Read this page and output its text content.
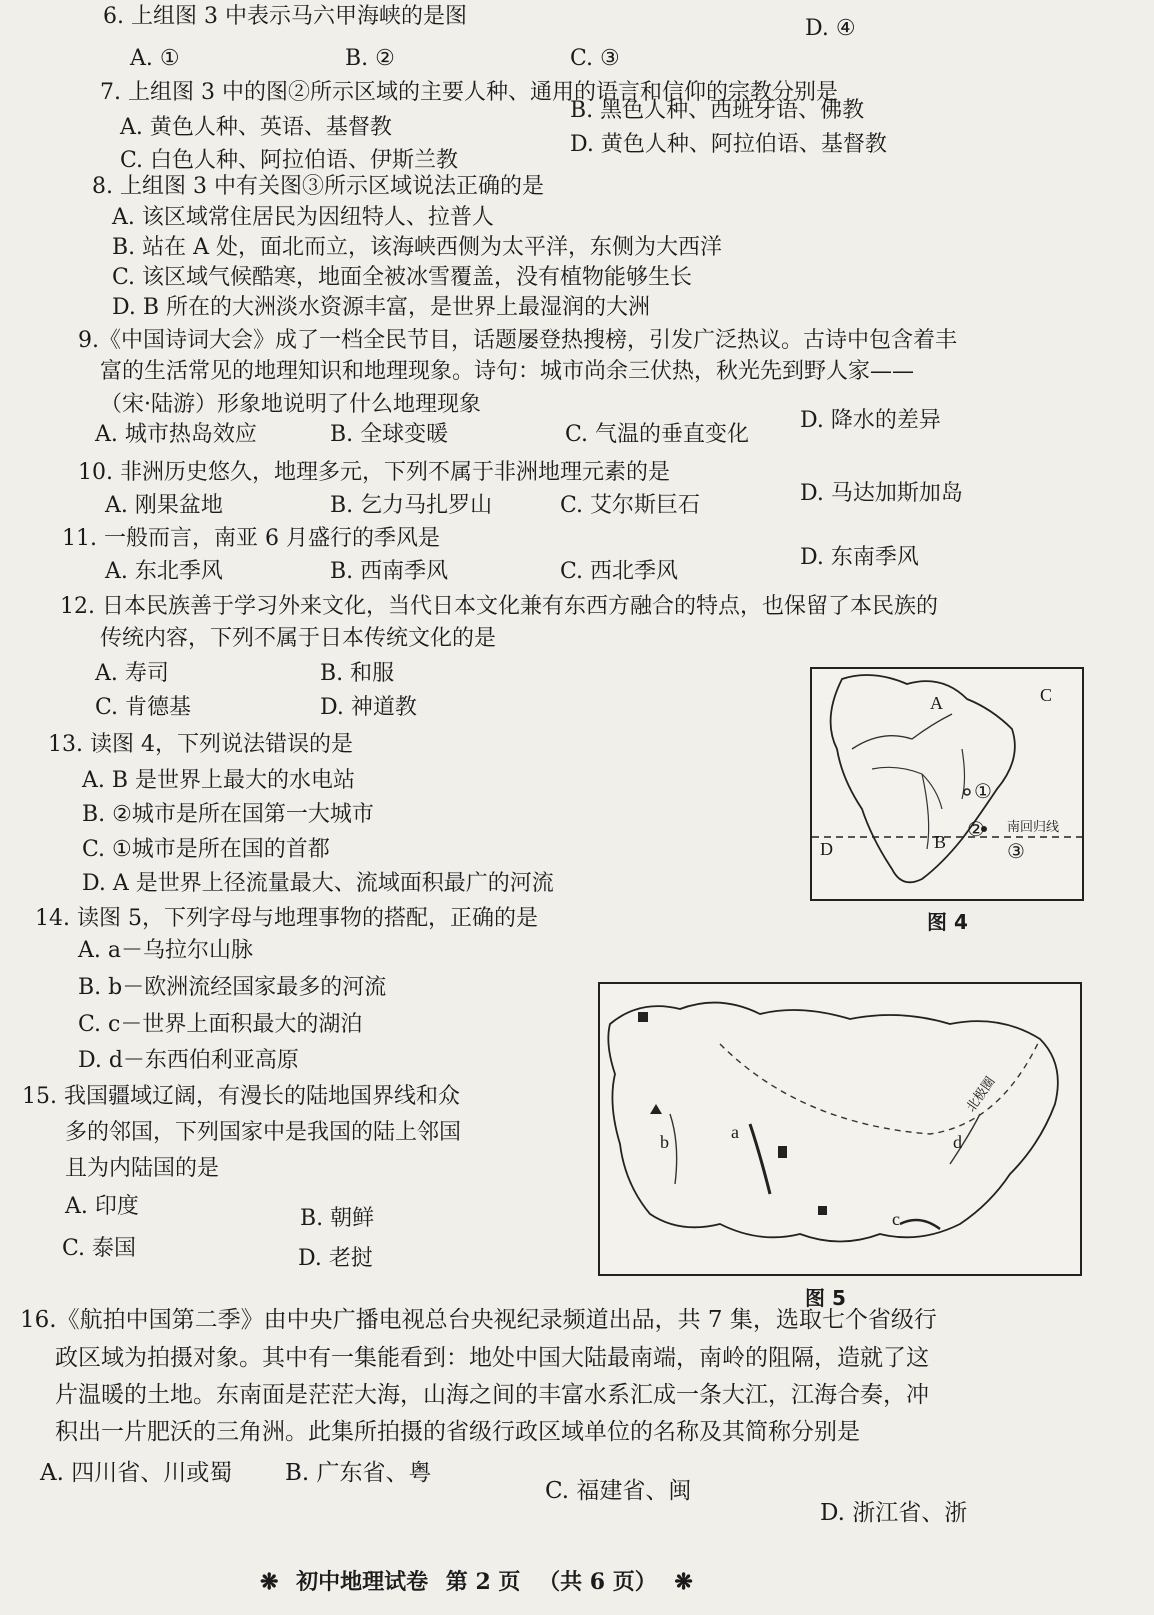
6. 上组图 3 中表示马六甲海峡的是图
A. ①	B. ②	C. ③
D. ④
7. 上组图 3 中的图②所示区域的主要人种、通用的语言和信仰的宗教分别是
A. 黄色人种、英语、基督教
B. 黑色人种、西班牙语、佛教
C. 白色人种、阿拉伯语、伊斯兰教
D. 黄色人种、阿拉伯语、基督教
8. 上组图 3 中有关图③所示区域说法正确的是
A. 该区域常住居民为因纽特人、拉普人
B. 站在 A 处，面北而立，该海峡西侧为太平洋，东侧为大西洋
C. 该区域气候酷寒，地面全被冰雪覆盖，没有植物能够生长
D. B 所在的大洲淡水资源丰富，是世界上最湿润的大洲
9.《中国诗词大会》成了一档全民节目，话题屡登热搜榜，引发广泛热议。古诗中包含着丰
富的生活常见的地理知识和地理现象。诗句：城市尚余三伏热，秋光先到野人家——
（宋·陆游）形象地说明了什么地理现象
A. 城市热岛效应	B. 全球变暖	C. 气温的垂直变化
D. 降水的差异
10. 非洲历史悠久，地理多元，下列不属于非洲地理元素的是
A. 刚果盆地	B. 乞力马扎罗山	C. 艾尔斯巨石	D. 马达加斯加岛
11. 一般而言，南亚 6 月盛行的季风是
A. 东北季风	B. 西南季风	C. 西北季风
D. 东南季风
12. 日本民族善于学习外来文化，当代日本文化兼有东西方融合的特点，也保留了本民族的
传统内容，下列不属于日本传统文化的是
A. 寿司	B. 和服
C. 肯德基	D. 神道教
13. 读图 4，下列说法错误的是
A. B 是世界上最大的水电站
B. ②城市是所在国第一大城市
C. ①城市是所在国的首都
D. A 是世界上径流量最大、流域面积最广的河流
14. 读图 5，下列字母与地理事物的搭配，正确的是
A. a－乌拉尔山脉
B. b－欧洲流经国家最多的河流
C. c－世界上面积最大的湖泊
D. d－东西伯利亚高原
15. 我国疆域辽阔，有漫长的陆地国界线和众
多的邻国，下列国家中是我国的陆上邻国
且为内陆国的是
A. 印度	B. 朝鲜
C. 泰国	D. 老挝
16.《航拍中国第二季》由中央广播电视总台央视纪录频道出品，共 7 集，选取七个省级行
政区域为拍摄对象。其中有一集能看到：地处中国大陆最南端，南岭的阻隔，造就了这
片温暖的土地。东南面是茫茫大海，山海之间的丰富水系汇成一条大江，江海合奏，冲
积出一片肥沃的三角洲。此集所拍摄的省级行政区域单位的名称及其简称分别是
A. 四川省、川或蜀 B. 广东省、粤
C. 福建省、闽
D. 浙江省、浙
A	C
D	B
①
②
③
南回归线
图 4
a
b
c
d
北极圈
图 5
❋ 初中地理试卷 第 2 页 （共 6 页） ❋
